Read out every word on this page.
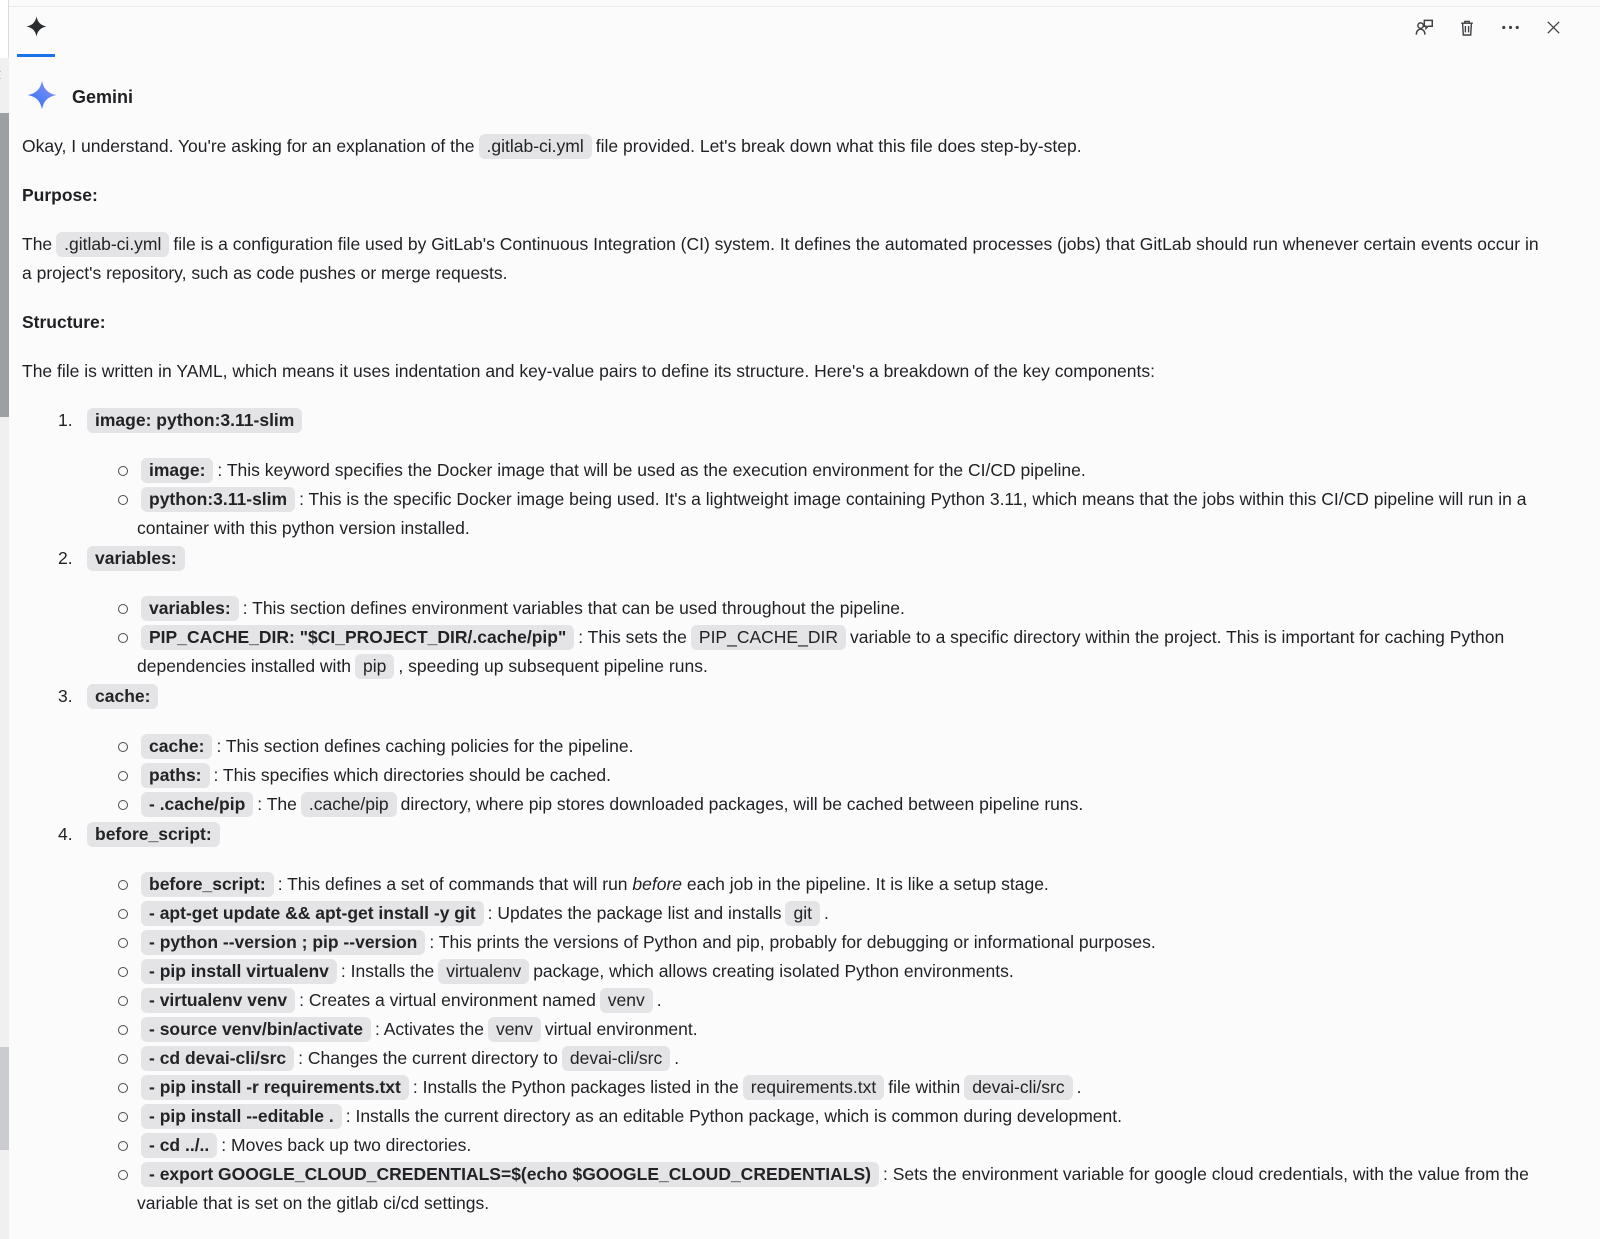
Gemini

Okay, I understand. You're asking for an explanation of the .gitlab-ci.yml file provided. Let's break down what this file does step-by-step.

Purpose:

The .gitlab-ci.yml file is a configuration file used by GitLab's Continuous Integration (CI) system. It defines the automated processes (jobs) that GitLab should run whenever certain events occur in a project's repository, such as code pushes or merge requests.

Structure:

The file is written in YAML, which means it uses indentation and key-value pairs to define its structure. Here's a breakdown of the key components:

1. image: python:3.11-slim
image: : This keyword specifies the Docker image that will be used as the execution environment for the CI/CD pipeline.
python:3.11-slim : This is the specific Docker image being used. It's a lightweight image containing Python 3.11, which means that the jobs within this CI/CD pipeline will run in a container with this python version installed.
2. variables:
variables: : This section defines environment variables that can be used throughout the pipeline.
PIP_CACHE_DIR: "$CI_PROJECT_DIR/.cache/pip" : This sets the PIP_CACHE_DIR variable to a specific directory within the project. This is important for caching Python dependencies installed with pip , speeding up subsequent pipeline runs.
3. cache:
cache: : This section defines caching policies for the pipeline.
paths: : This specifies which directories should be cached.
- .cache/pip : The .cache/pip directory, where pip stores downloaded packages, will be cached between pipeline runs.
4. before_script:
before_script: : This defines a set of commands that will run before each job in the pipeline. It is like a setup stage.
- apt-get update && apt-get install -y git : Updates the package list and installs git .
- python --version ; pip --version : This prints the versions of Python and pip, probably for debugging or informational purposes.
- pip install virtualenv : Installs the virtualenv package, which allows creating isolated Python environments.
- virtualenv venv : Creates a virtual environment named venv .
- source venv/bin/activate : Activates the venv virtual environment.
- cd devai-cli/src : Changes the current directory to devai-cli/src .
- pip install -r requirements.txt : Installs the Python packages listed in the requirements.txt file within devai-cli/src .
- pip install --editable . : Installs the current directory as an editable Python package, which is common during development.
- cd ../.. : Moves back up two directories.
- export GOOGLE_CLOUD_CREDENTIALS=$(echo $GOOGLE_CLOUD_CREDENTIALS) : Sets the environment variable for google cloud credentials, with the value from the variable that is set on the gitlab ci/cd settings.
